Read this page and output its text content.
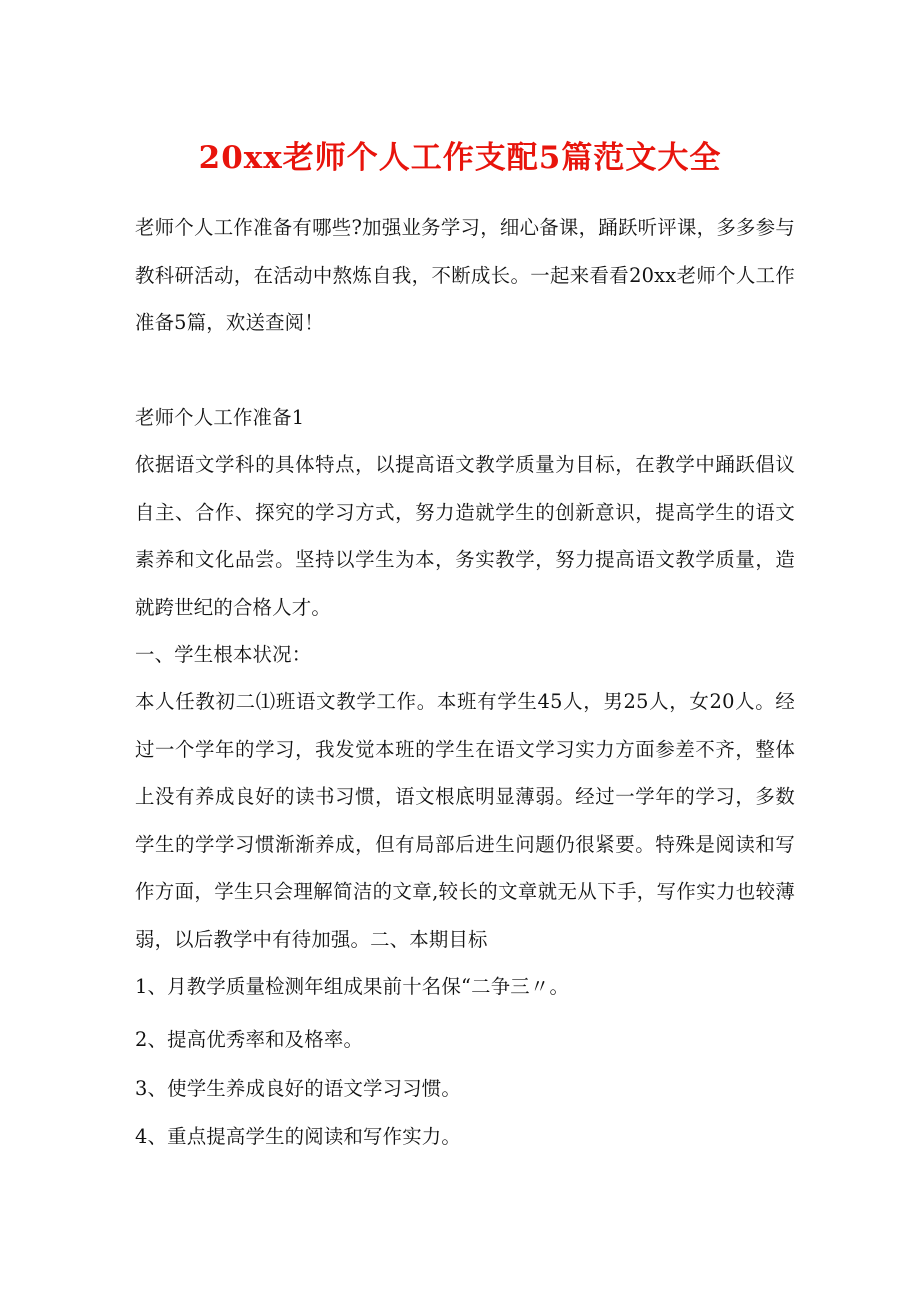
20xx老师个人工作支配5篇范文大全

老师个人工作准备有哪些?加强业务学习，细心备课，踊跃听评课，多多参与教科研活动，在活动中熬炼自我，不断成长。一起来看看20xx老师个人工作准备5篇，欢送查阅！

老师个人工作准备1

依据语文学科的具体特点，以提高语文教学质量为目标，在教学中踊跃倡议自主、合作、探究的学习方式，努力造就学生的创新意识，提高学生的语文素养和文化品尝。坚持以学生为本，务实教学，努力提高语文教学质量，造就跨世纪的合格人才。

一、学生根本状况：

本人任教初二⑴班语文教学工作。本班有学生45人，男25人，女20人。经过一个学年的学习，我发觉本班的学生在语文学习实力方面参差不齐，整体上没有养成良好的读书习惯，语文根底明显薄弱。经过一学年的学习，多数学生的学学习惯渐渐养成，但有局部后进生问题仍很紧要。特殊是阅读和写作方面，学生只会理解简洁的文章,较长的文章就无从下手，写作实力也较薄弱，以后教学中有待加强。二、本期目标

1、月教学质量检测年组成果前十名保“二争三〃。
2、提高优秀率和及格率。
3、使学生养成良好的语文学习习惯。
4、重点提高学生的阅读和写作实力。
